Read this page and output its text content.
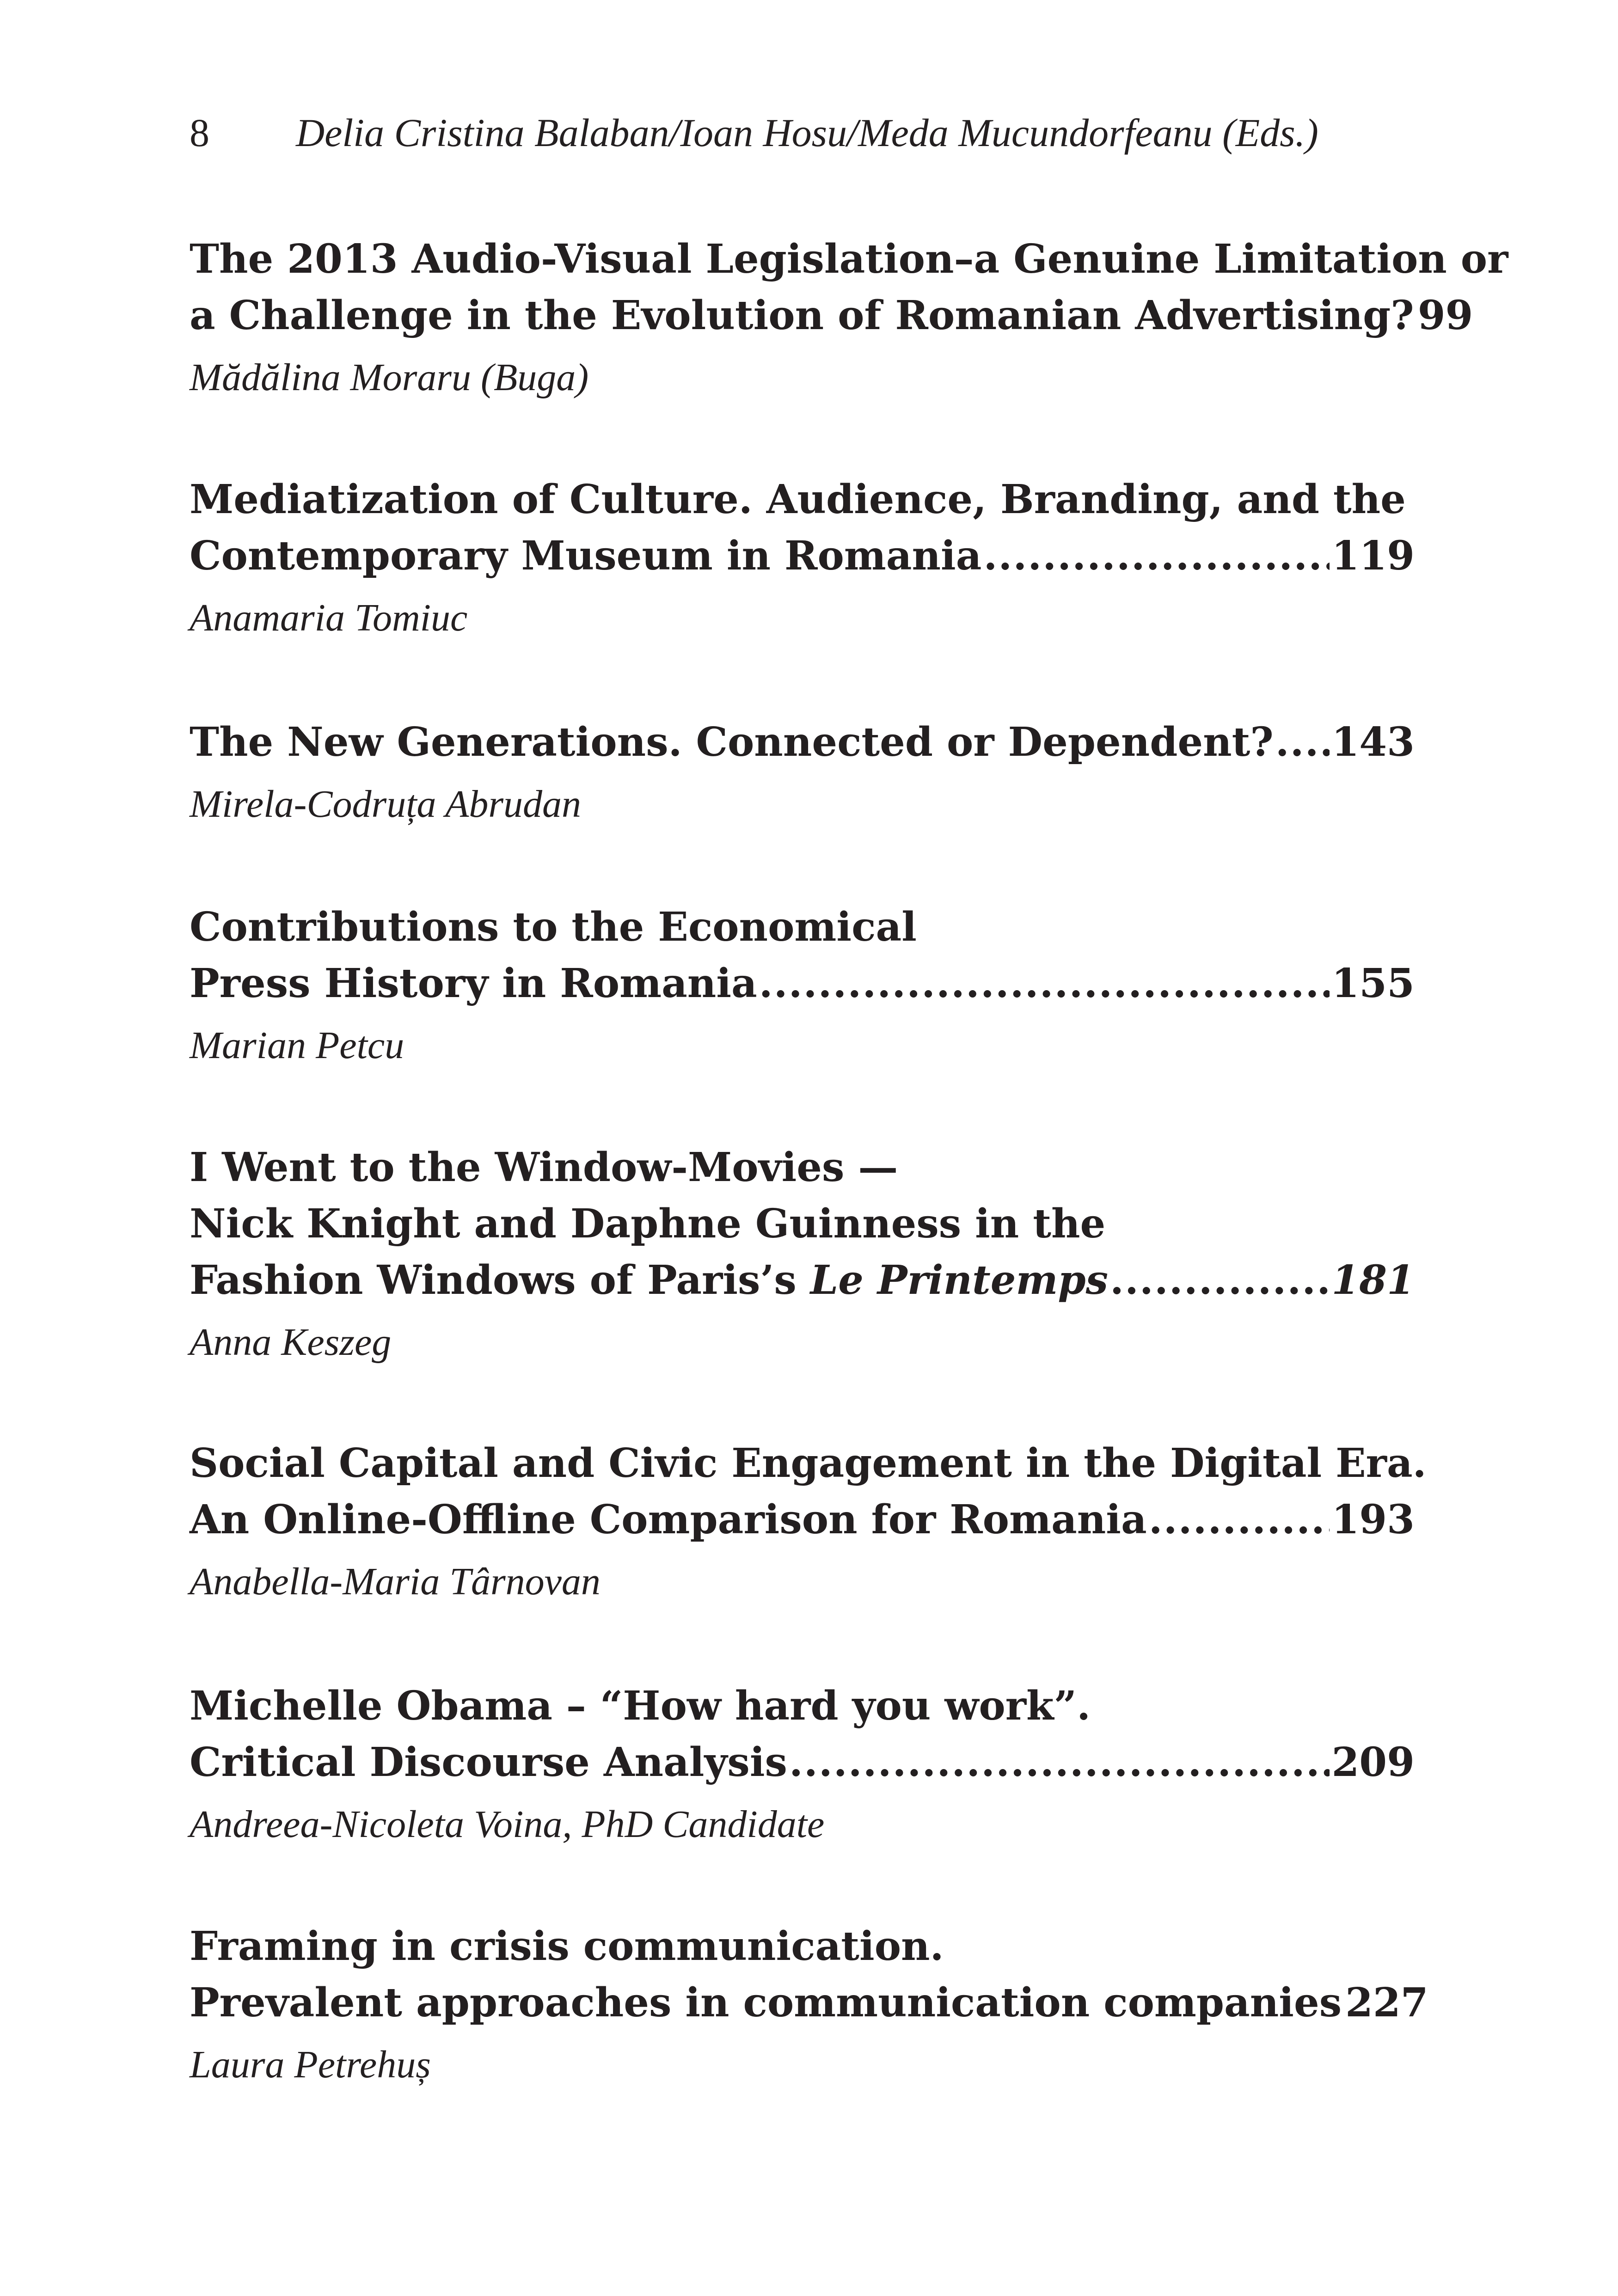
8 Delia Cristina Balaban/Ioan Hosu/Meda Mucundorfeanu (Eds.)
The 2013 Audio-Visual Legislation–a Genuine Limitation or
a Challenge in the Evolution of Romanian Advertising? 99
Mădălina Moraru (Buga)
Mediatization of Culture. Audience, Branding, and the
Contemporary Museum in Romania .....	119
Anamaria Tomiuc
The New Generations. Connected or Dependent? ..... 143
Mirela-Codruța Abrudan
Contributions to the Economical
Press History in Romania .....	155
Marian Petcu
I Went to the Window-Movies —
Nick Knight and Daphne Guinness in the
Fashion Windows of Paris’s Le Printemps .....	181
Anna Keszeg
Social Capital and Civic Engagement in the Digital Era.
An Online-Offline Comparison for Romania .....	193
Anabella-Maria Târnovan
Michelle Obama – “How hard you work”.
Critical Discourse Analysis .....	209
Andreea-Nicoleta Voina, PhD Candidate
Framing in crisis communication.
Prevalent approaches in communication companies 227
Laura Petrehuș
